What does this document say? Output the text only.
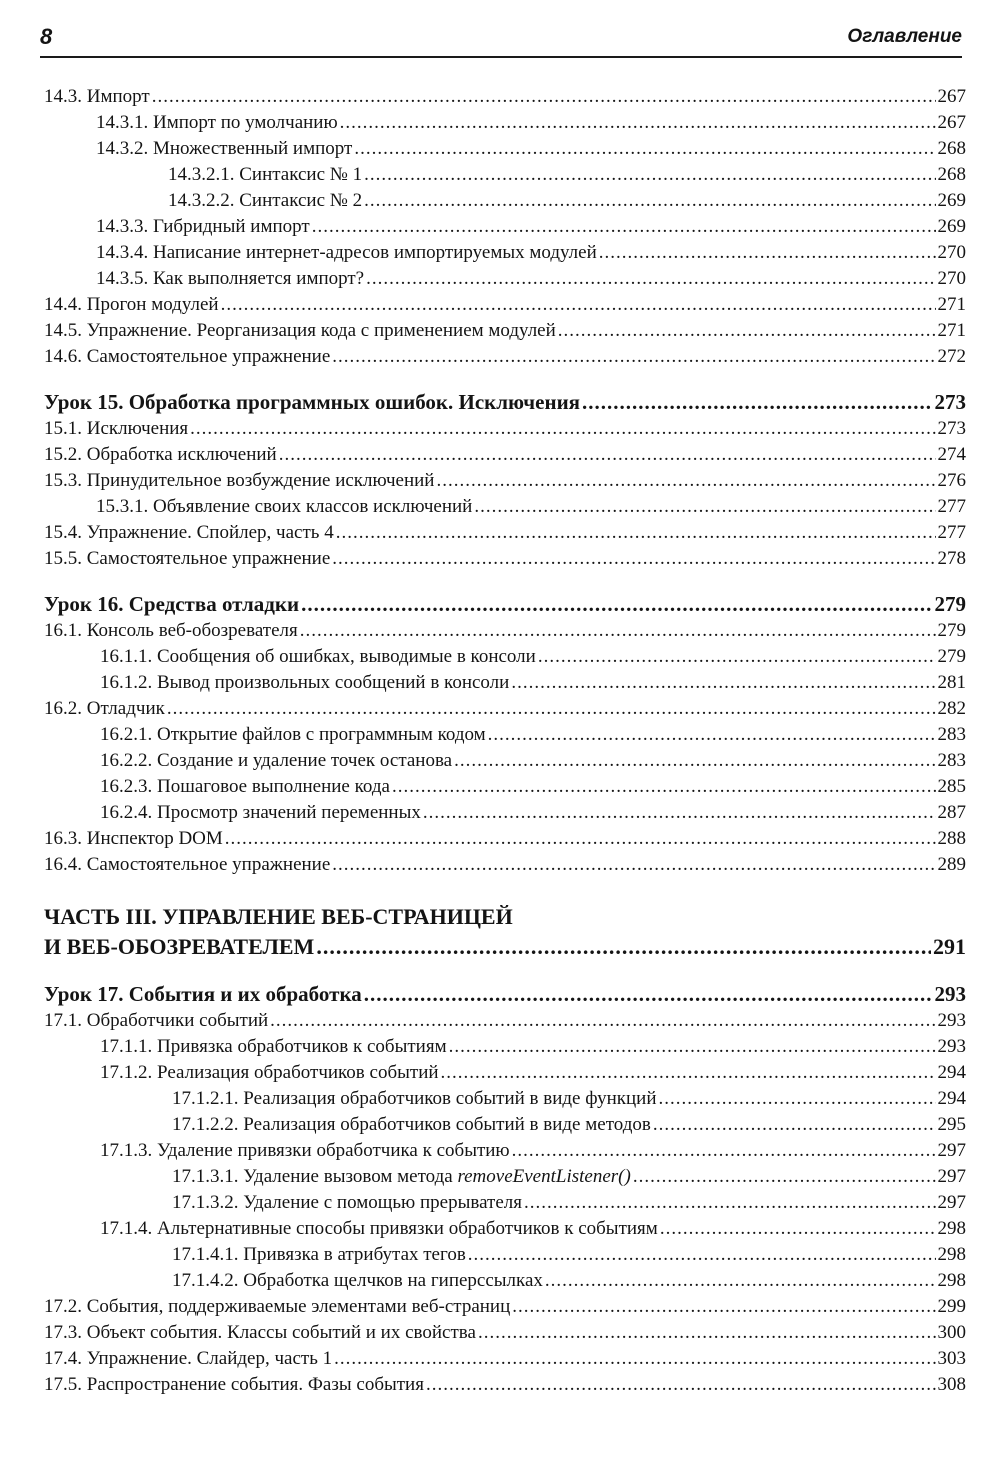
8	Оглавление
14.3. Импорт .....	267
14.3.1. Импорт по умолчанию .....	267
14.3.2. Множественный импорт .....	268
14.3.2.1. Синтаксис № 1 .....	268
14.3.2.2. Синтаксис № 2 .....	269
14.3.3. Гибридный импорт .....	269
14.3.4. Написание интернет-адресов импортируемых модулей .....	270
14.3.5. Как выполняется импорт? .....	270
14.4. Прогон модулей .....	271
14.5. Упражнение. Реорганизация кода с применением модулей .....	271
14.6. Самостоятельное упражнение .....	272
Урок 15. Обработка программных ошибок. Исключения .....	273
15.1. Исключения .....	273
15.2. Обработка исключений .....	274
15.3. Принудительное возбуждение исключений .....	276
15.3.1. Объявление своих классов исключений .....	277
15.4. Упражнение. Спойлер, часть 4 .....	277
15.5. Самостоятельное упражнение .....	278
Урок 16. Средства отладки .....	279
16.1. Консоль веб-обозревателя .....	279
16.1.1. Сообщения об ошибках, выводимые в консоли .....	279
16.1.2. Вывод произвольных сообщений в консоли .....	281
16.2. Отладчик .....	282
16.2.1. Открытие файлов с программным кодом .....	283
16.2.2. Создание и удаление точек останова .....	283
16.2.3. Пошаговое выполнение кода .....	285
16.2.4. Просмотр значений переменных .....	287
16.3. Инспектор DOM .....	288
16.4. Самостоятельное упражнение .....	289
ЧАСТЬ III. УПРАВЛЕНИЕ ВЕБ-СТРАНИЦЕЙ
И ВЕБ-ОБОЗРЕВАТЕЛЕМ .....	291
Урок 17. События и их обработка .....	293
17.1. Обработчики событий .....	293
17.1.1. Привязка обработчиков к событиям .....	293
17.1.2. Реализация обработчиков событий .....	294
17.1.2.1. Реализация обработчиков событий в виде функций .....	294
17.1.2.2. Реализация обработчиков событий в виде методов .....	295
17.1.3. Удаление привязки обработчика к событию .....	297
17.1.3.1. Удаление вызовом метода removeEventListener() .....	297
17.1.3.2. Удаление с помощью прерывателя .....	297
17.1.4. Альтернативные способы привязки обработчиков к событиям .....	298
17.1.4.1. Привязка в атрибутах тегов .....	298
17.1.4.2. Обработка щелчков на гиперссылках .....	298
17.2. События, поддерживаемые элементами веб-страниц .....	299
17.3. Объект события. Классы событий и их свойства .....	300
17.4. Упражнение. Слайдер, часть 1 .....	303
17.5. Распространение события. Фазы события .....	308
